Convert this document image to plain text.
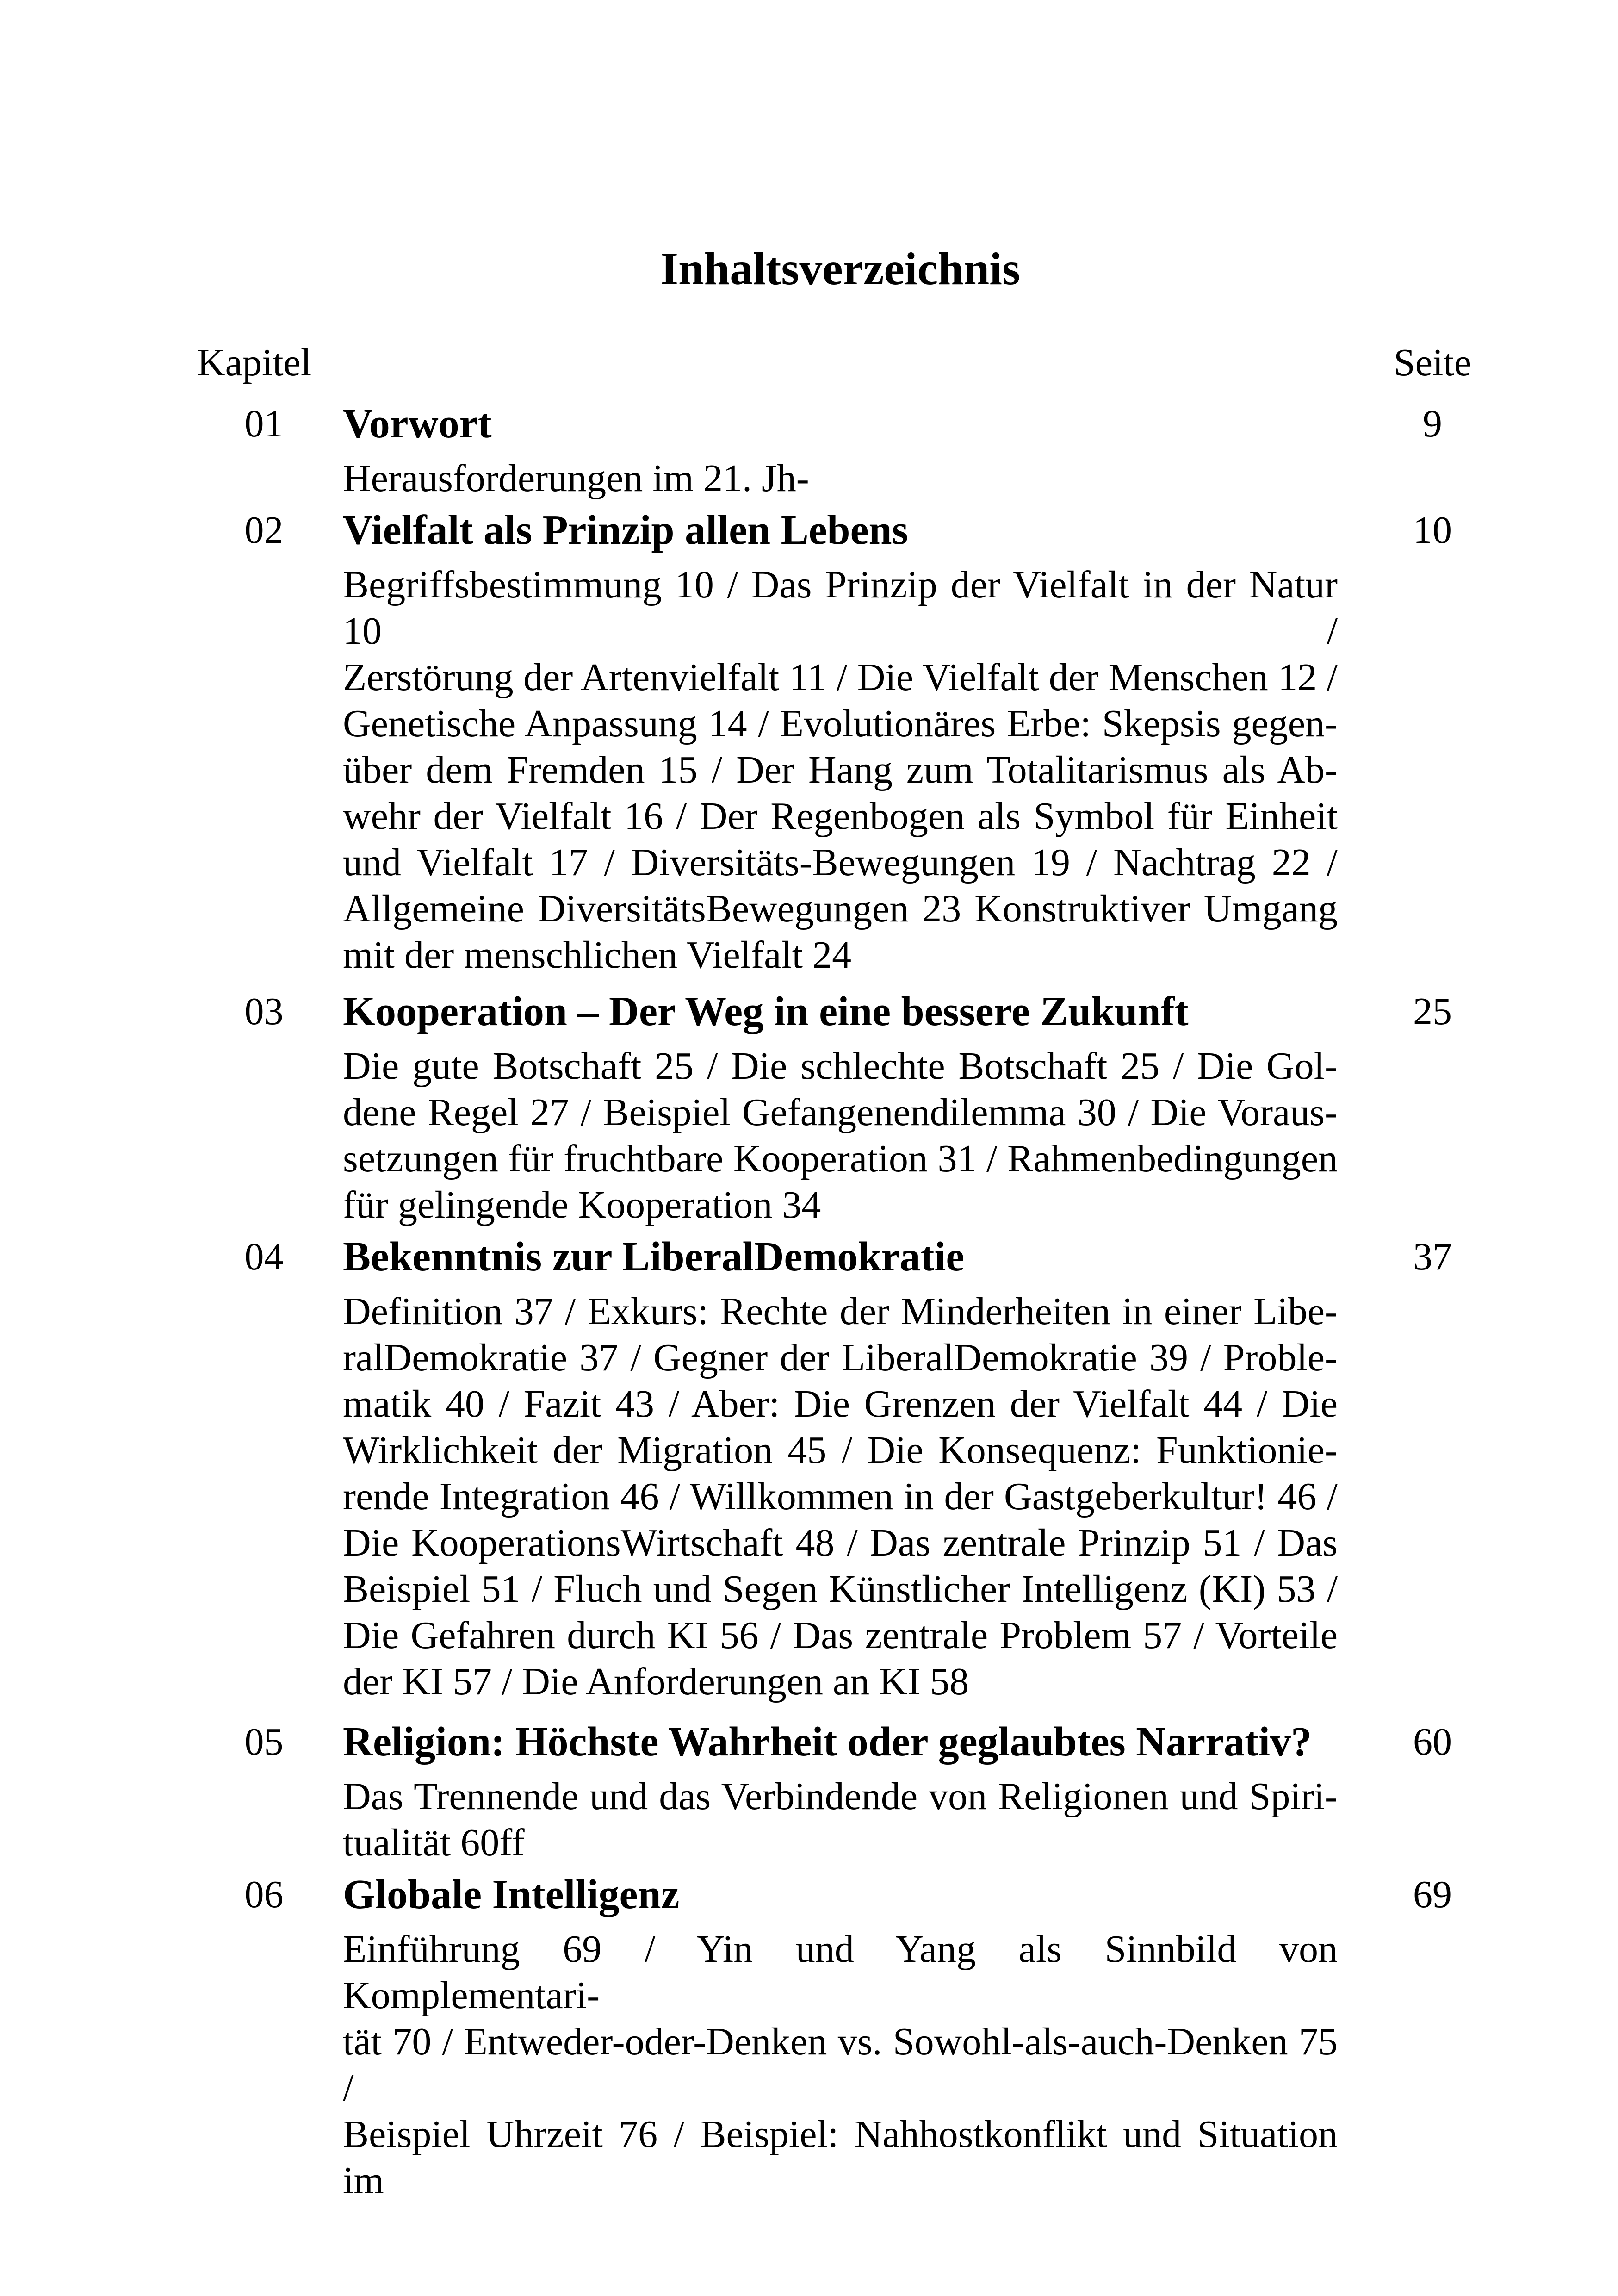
Inhaltsverzeichnis
Kapitel	Seite
01	Vorwort	9
Herausforderungen im 21. Jh-
02	Vielfalt als Prinzip allen Lebens	10
Begriffsbestimmung 10 / Das Prinzip der Vielfalt in der Natur 10 /
Zerstörung der Artenvielfalt 11 / Die Vielfalt der Menschen 12 /
Genetische Anpassung 14 / Evolutionäres Erbe: Skepsis gegen-
über dem Fremden 15 / Der Hang zum Totalitarismus als Ab-
wehr der Vielfalt 16 / Der Regenbogen als Symbol für Einheit
und Vielfalt 17 / Diversitäts-Bewegungen 19 / Nachtrag 22 /
Allgemeine DiversitätsBewegungen 23 Konstruktiver Umgang
mit der menschlichen Vielfalt 24
03	Kooperation – Der Weg in eine bessere Zukunft	25
Die gute Botschaft 25 / Die schlechte Botschaft 25 / Die Gol-
dene Regel 27 / Beispiel Gefangenendilemma 30 / Die Voraus-
setzungen für fruchtbare Kooperation 31 / Rahmenbedingungen
für gelingende Kooperation 34
04	Bekenntnis zur LiberalDemokratie	37
Definition 37 / Exkurs: Rechte der Minderheiten in einer Libe-
ralDemokratie 37 / Gegner der LiberalDemokratie 39 / Proble-
matik 40 / Fazit 43 / Aber: Die Grenzen der Vielfalt 44 / Die
Wirklichkeit der Migration 45 / Die Konsequenz: Funktionie-
rende Integration 46 / Willkommen in der Gastgeberkultur! 46 /
Die KooperationsWirtschaft 48 / Das zentrale Prinzip 51 / Das
Beispiel 51 / Fluch und Segen Künstlicher Intelligenz (KI) 53 /
Die Gefahren durch KI 56 / Das zentrale Problem 57 / Vorteile
der KI 57 / Die Anforderungen an KI 58
05	Religion: Höchste Wahrheit oder geglaubtes Narrativ?	60
Das Trennende und das Verbindende von Religionen und Spiri-
tualität 60ff
06	Globale Intelligenz	69
Einführung 69 / Yin und Yang als Sinnbild von Komplementari-
tät 70 / Entweder-oder-Denken vs. Sowohl-als-auch-Denken 75 /
Beispiel Uhrzeit 76 / Beispiel: Nahhostkonflikt und Situation im
